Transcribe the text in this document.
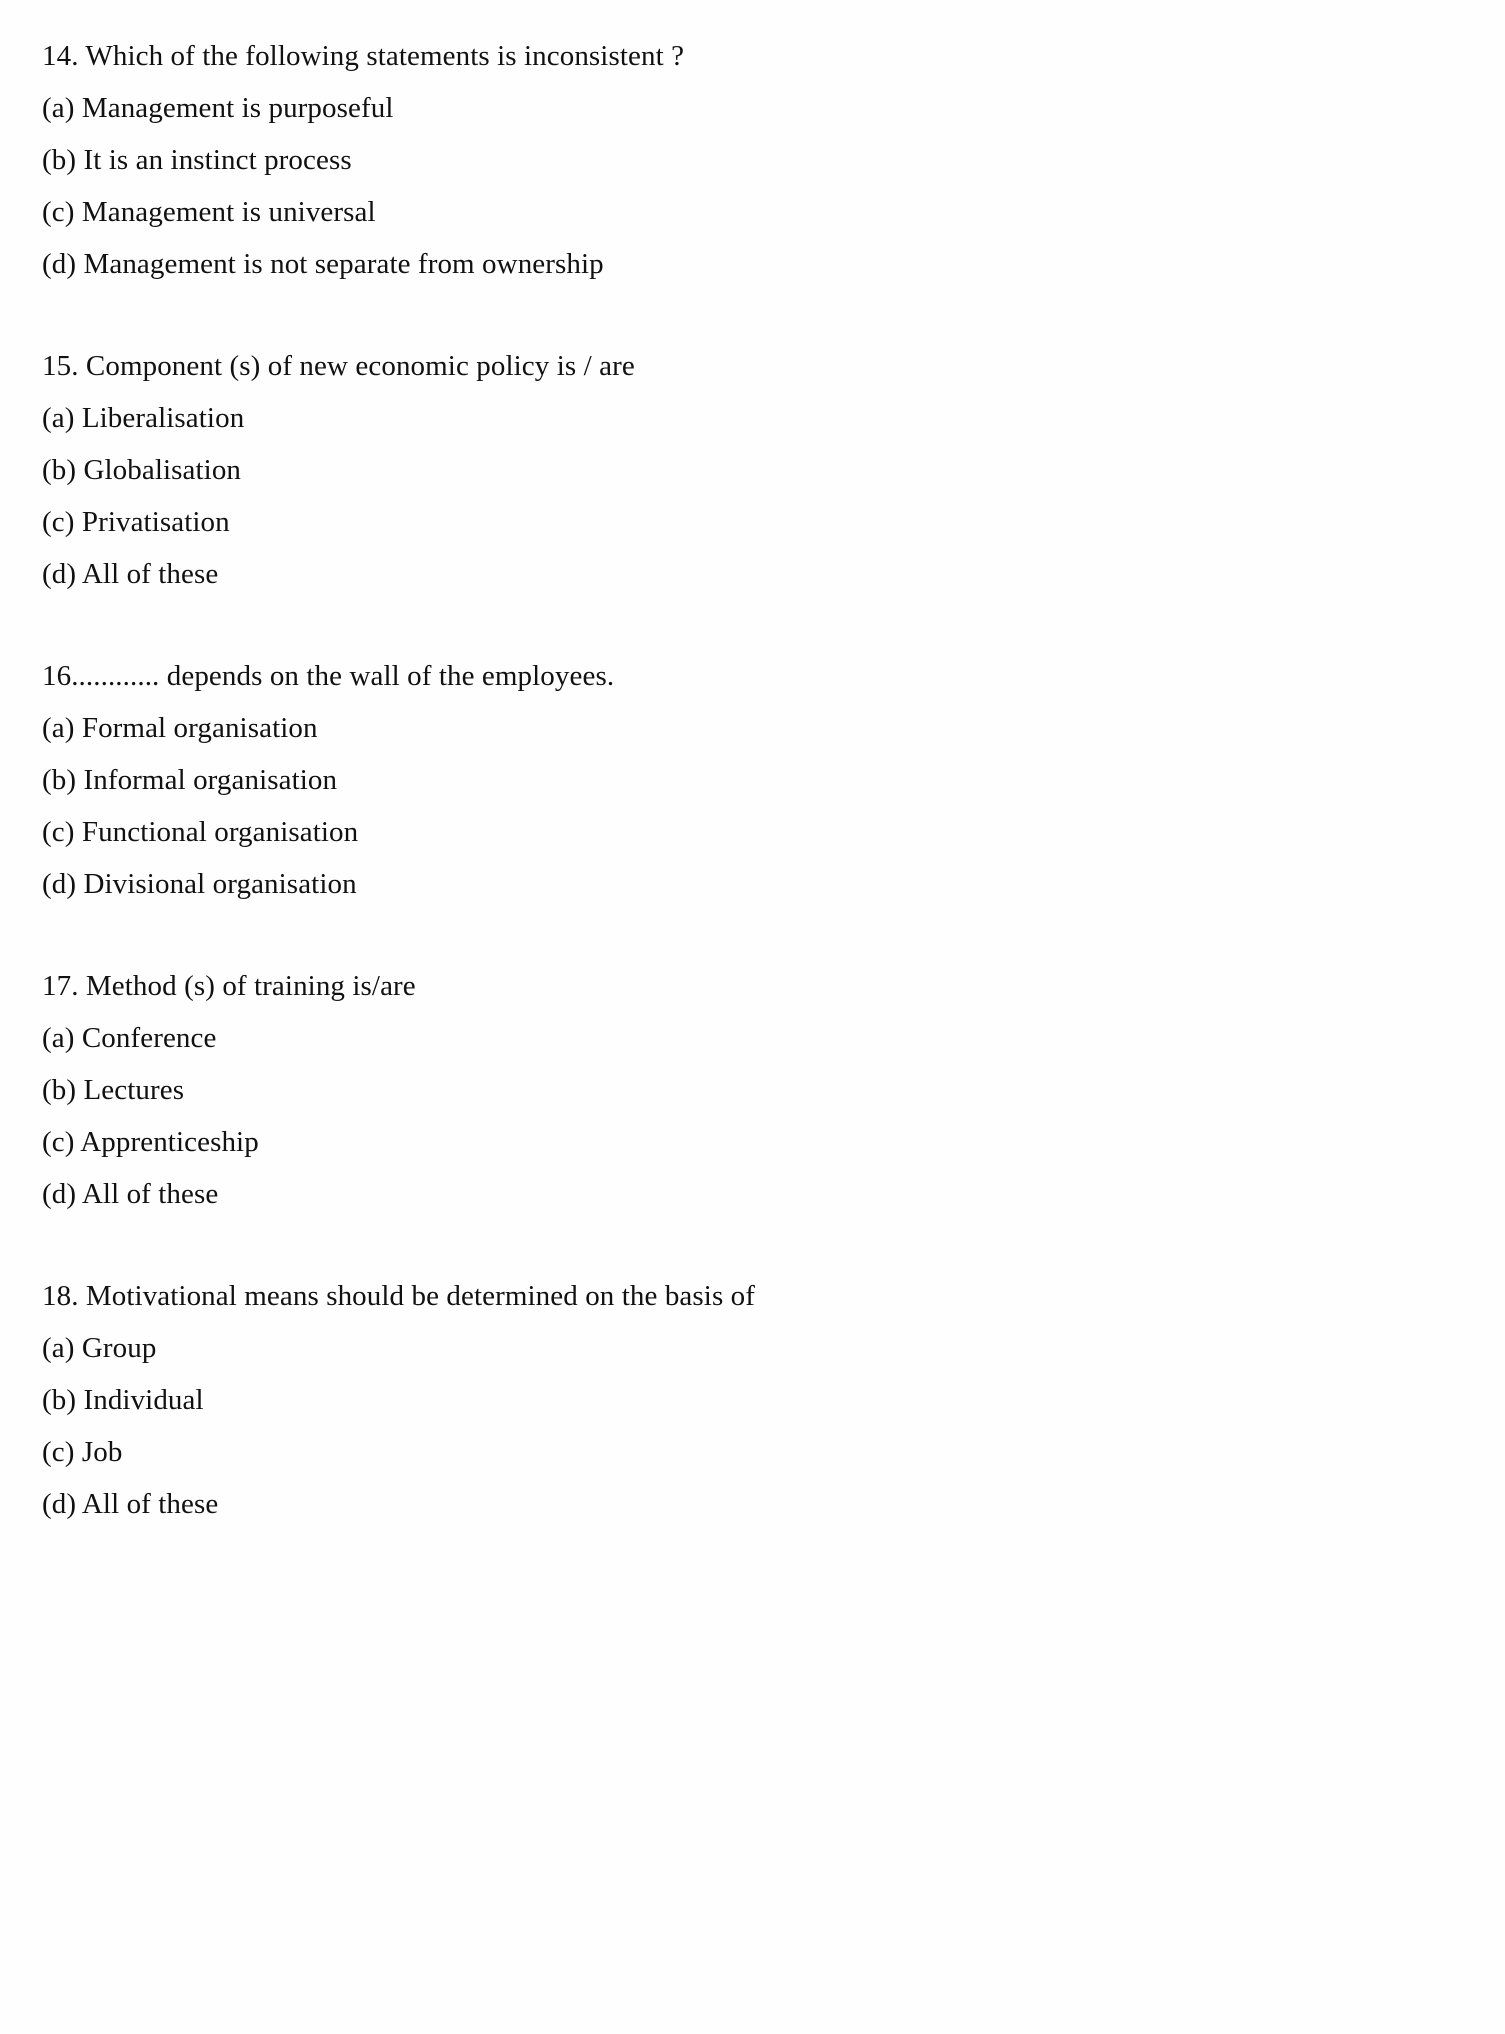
14. Which of the following statements is inconsistent ?
(a) Management is purposeful
(b) It is an instinct process
(c) Management is universal
(d) Management is not separate from ownership
15. Component (s) of new economic policy is / are
(a) Liberalisation
(b) Globalisation
(c) Privatisation
(d) All of these
16............ depends on the wall of the employees.
(a) Formal organisation
(b) Informal organisation
(c) Functional organisation
(d) Divisional organisation
17. Method (s) of training is/are
(a) Conference
(b) Lectures
(c) Apprenticeship
(d) All of these
18. Motivational means should be determined on the basis of
(a) Group
(b) Individual
(c) Job
(d) All of these
